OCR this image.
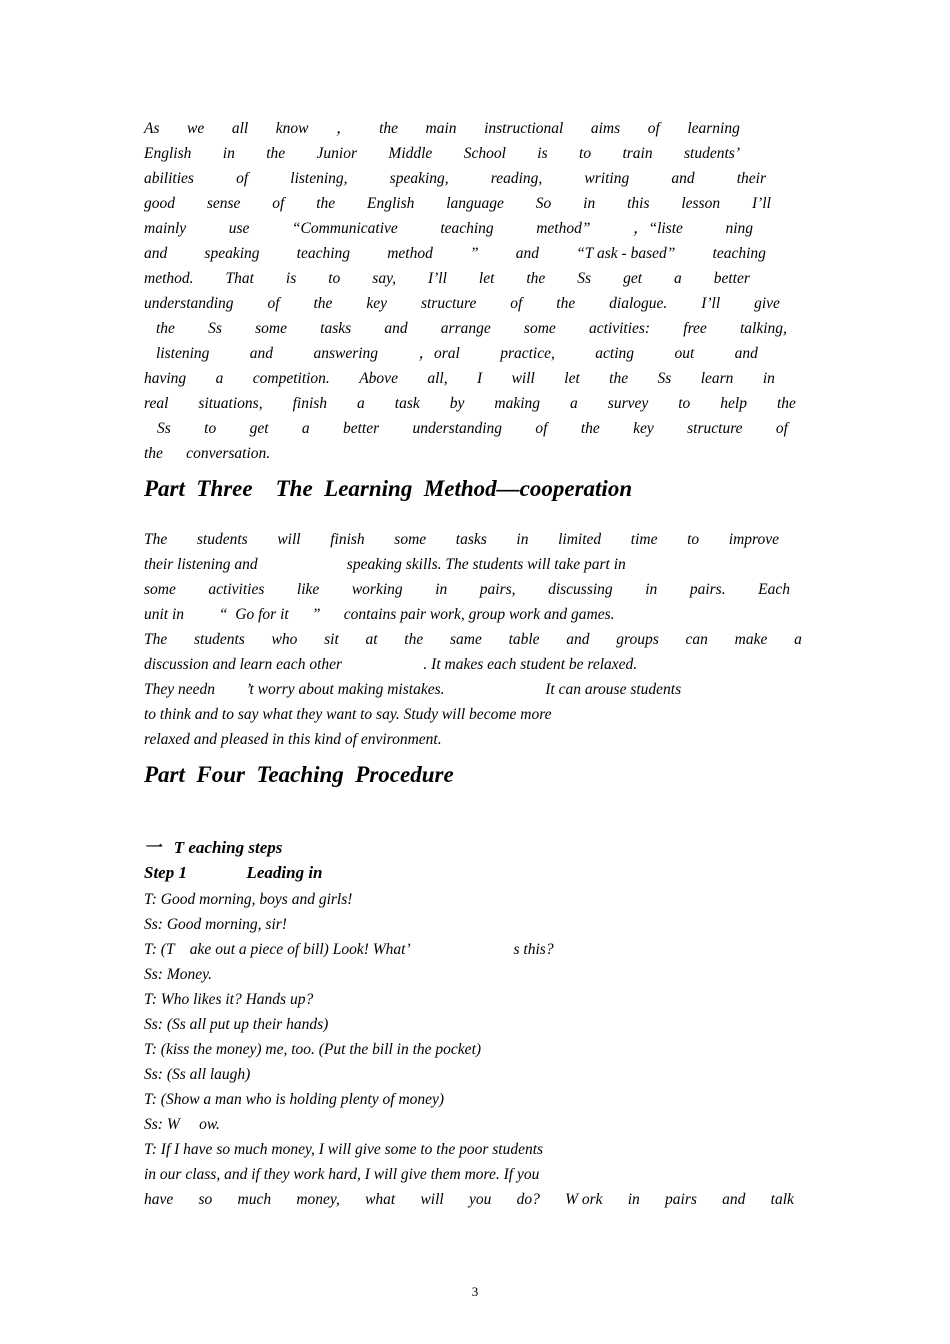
As we all know ， the main instructional aims of learning

English in the Junior Middle School is to train students’

abilities	of	listening,	speaking,	reading,	writing	and	their

good sense of the English language So in this lesson I’ll

mainly	use	“Communicative	teaching	method”	，“liste	ning

and speaking teaching method ” and “T ask - based” teaching

method. That is to say, I’ll let the Ss get a better

understanding of the key structure of the dialogue. I’ll give

the Ss some tasks and arrange some activities: free talking,

listening	and	answering	，oral	practice,	acting	out	and

having a competition. Above all, I will let the Ss learn in

real situations, finish a task by making a survey to help the

Ss to get a better understanding of the key structure of

the      conversation.

Part  Three    The  Learning  Method—cooperation

The students will finish some tasks in limited time to improve

their listening and                       speaking skills. The students will take part in

some activities like working in pairs, discussing in pairs. Each

unit in         “  Go for it      ”      contains pair work, group work and games.

The students who sit at the same table and groups can make a

discussion and learn each other                     . It makes each student be relaxed.

They needn        ’t worry about making mistakes.                          It can arouse students

to think and to say what they want to say. Study will become more

relaxed and pleased in this kind of environment.

Part  Four  Teaching  Procedure
一   T eaching steps
Step 1              Leading in

T: Good morning, boys and girls!

Ss: Good morning, sir!

T: (T    ake out a piece of bill) Look! What’                           s this?

Ss: Money.

T: Who likes it? Hands up?

Ss: (Ss all put up their hands)

T: (kiss the money) me, too. (Put the bill in the pocket)

Ss: (Ss all laugh)

T: (Show a man who is holding plenty of money)

Ss: W     ow.

T: If I have so much money, I will give some to the poor students

in our class, and if they work hard, I will give them more. If you

have so much money, what will you do? W ork in pairs and talk

3
